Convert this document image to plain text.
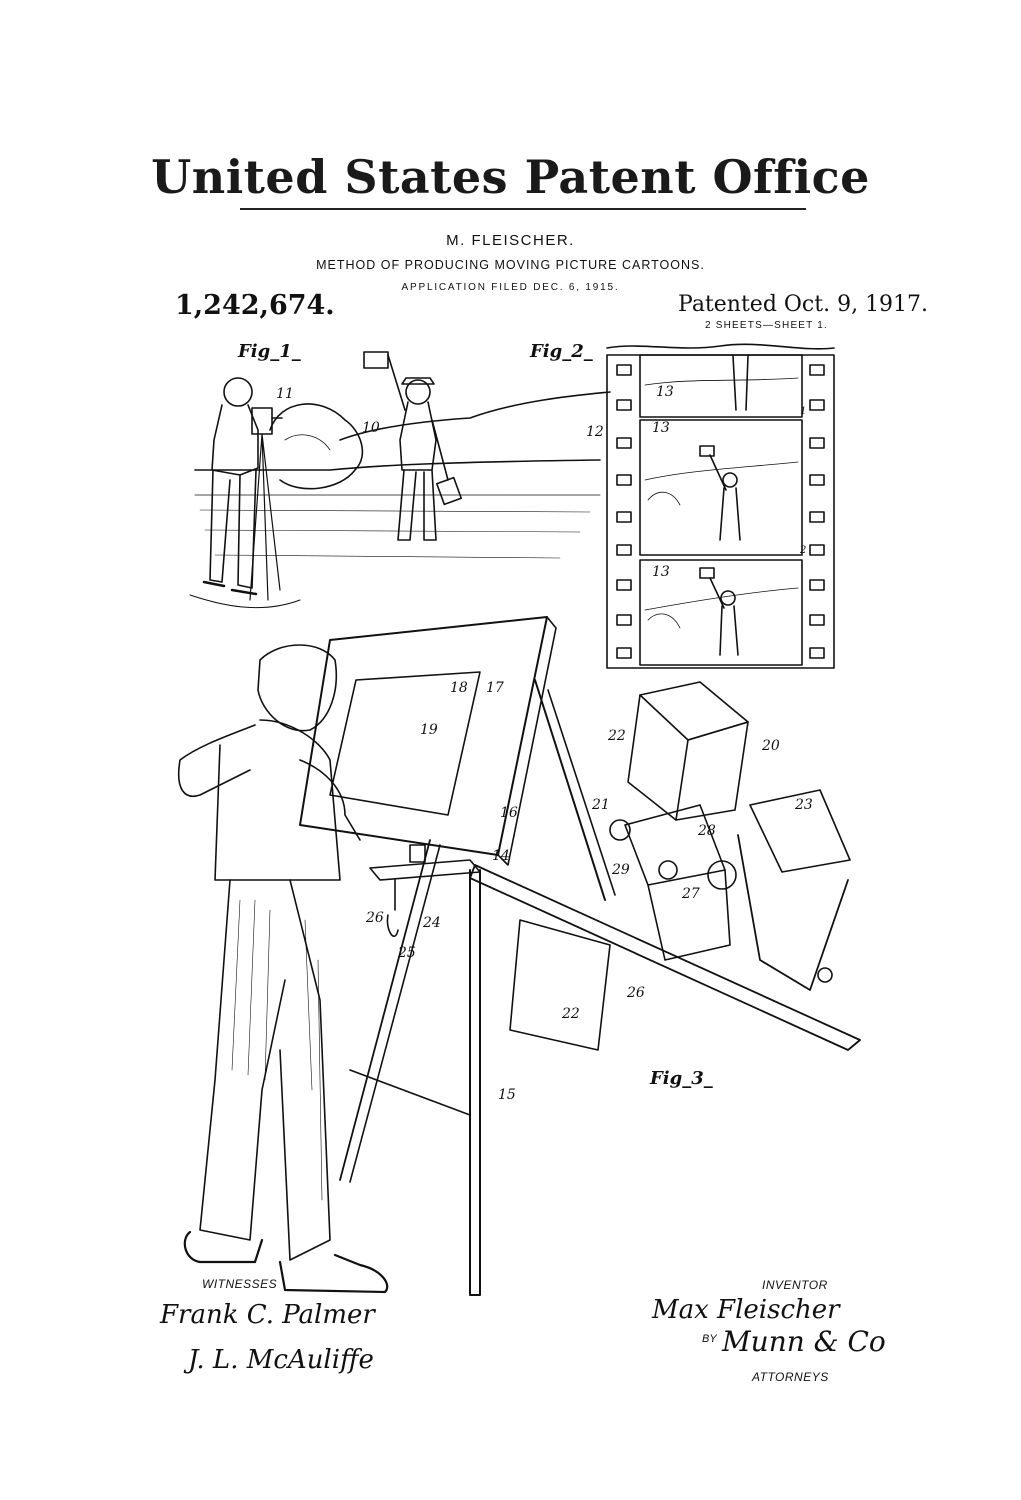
United States Patent Office
M. FLEISCHER.
METHOD OF PRODUCING MOVING PICTURE CARTOONS.
APPLICATION FILED DEC. 6, 1915.
1,242,674.	Patented Oct. 9, 1917.
2 SHEETS—SHEET 1.
Fig_1_	Fig_2_
Fig_3_
11
10	12
13
13
13
1
2
17
18
19
16
14
15
20
21
22
22
23
24
25
26
26
27
28
29
WITNESSES
Frank C. Palmer
J. L. McAuliffe
INVENTOR
Max Fleischer
BY Munn & Co
ATTORNEYS
